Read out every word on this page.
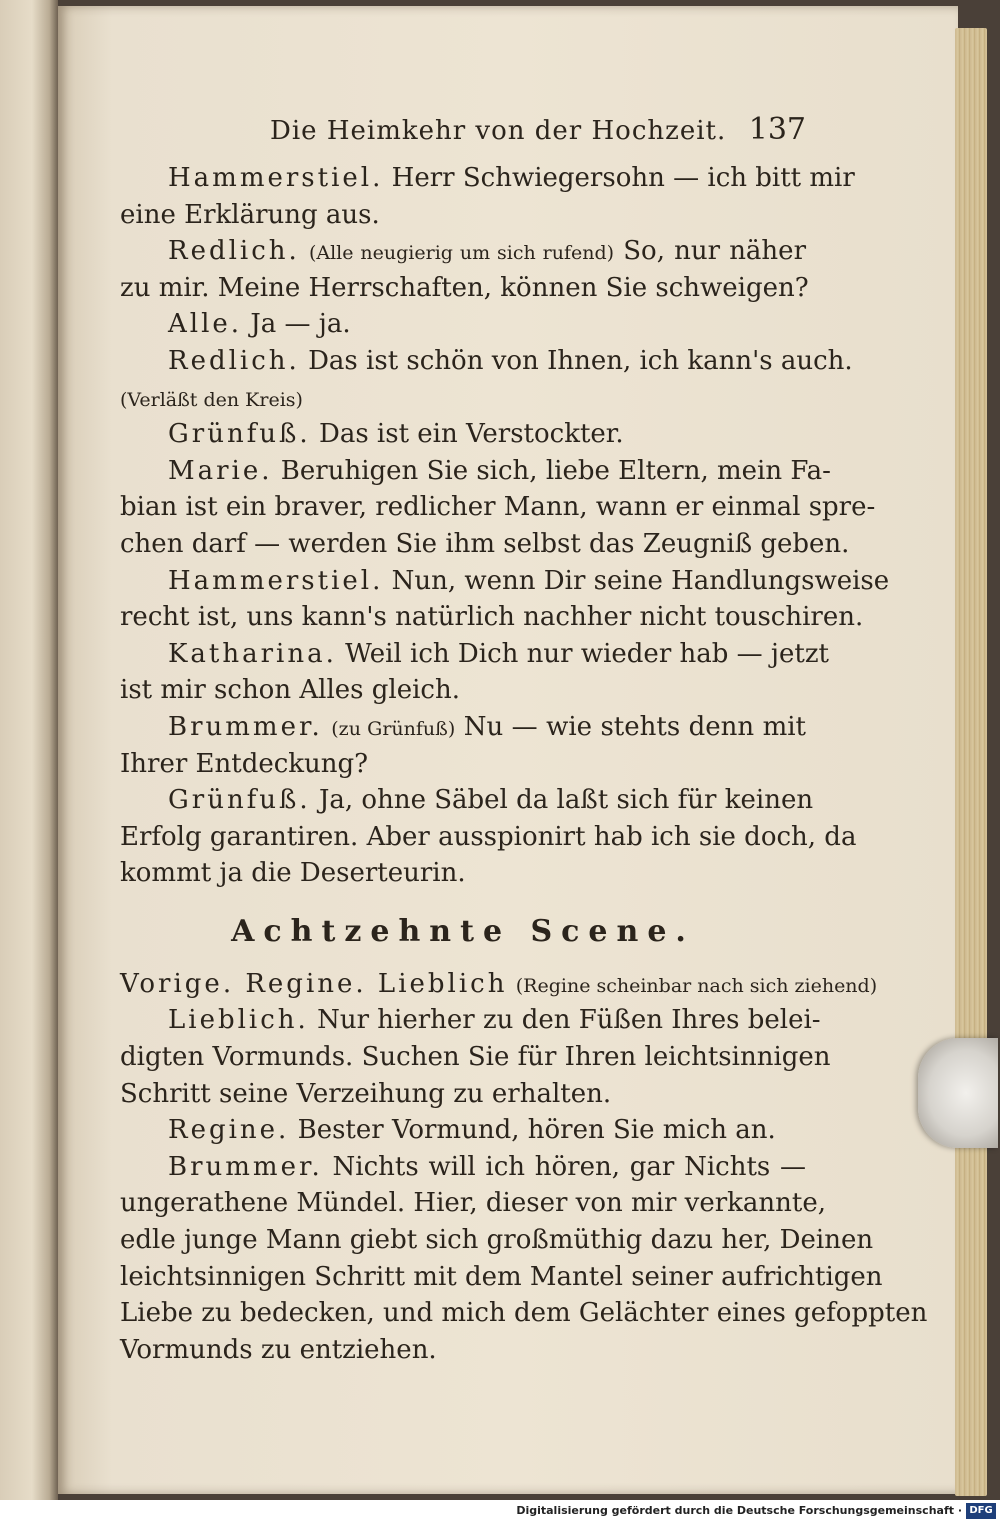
Die Heimkehr von der Hochzeit. 137
Hammerstiel. Herr Schwiegersohn — ich bitt mir
eine Erklärung aus.
Redlich. (Alle neugierig um sich rufend) So, nur näher
zu mir. Meine Herrschaften, können Sie schweigen?
Alle. Ja — ja.
Redlich. Das ist schön von Ihnen, ich kann's auch.
(Verläßt den Kreis)
Grünfuß. Das ist ein Verstockter.
Marie. Beruhigen Sie sich, liebe Eltern, mein Fa-
bian ist ein braver, redlicher Mann, wann er einmal spre-
chen darf — werden Sie ihm selbst das Zeugniß geben.
Hammerstiel. Nun, wenn Dir seine Handlungsweise
recht ist, uns kann's natürlich nachher nicht touschiren.
Katharina. Weil ich Dich nur wieder hab — jetzt
ist mir schon Alles gleich.
Brummer. (zu Grünfuß) Nu — wie stehts denn mit
Ihrer Entdeckung?
Grünfuß. Ja, ohne Säbel da laßt sich für keinen
Erfolg garantiren. Aber ausspionirt hab ich sie doch, da
kommt ja die Deserteurin.
Achtzehnte Scene.
Vorige. Regine. Lieblich (Regine scheinbar nach sich ziehend)
Lieblich. Nur hierher zu den Füßen Ihres belei-
digten Vormunds. Suchen Sie für Ihren leichtsinnigen
Schritt seine Verzeihung zu erhalten.
Regine. Bester Vormund, hören Sie mich an.
Brummer. Nichts will ich hören, gar Nichts —
ungerathene Mündel. Hier, dieser von mir verkannte,
edle junge Mann giebt sich großmüthig dazu her, Deinen
leichtsinnigen Schritt mit dem Mantel seiner aufrichtigen
Liebe zu bedecken, und mich dem Gelächter eines gefoppten
Vormunds zu entziehen.
Digitalisierung gefördert durch die Deutsche Forschungsgemeinschaft · DFG
